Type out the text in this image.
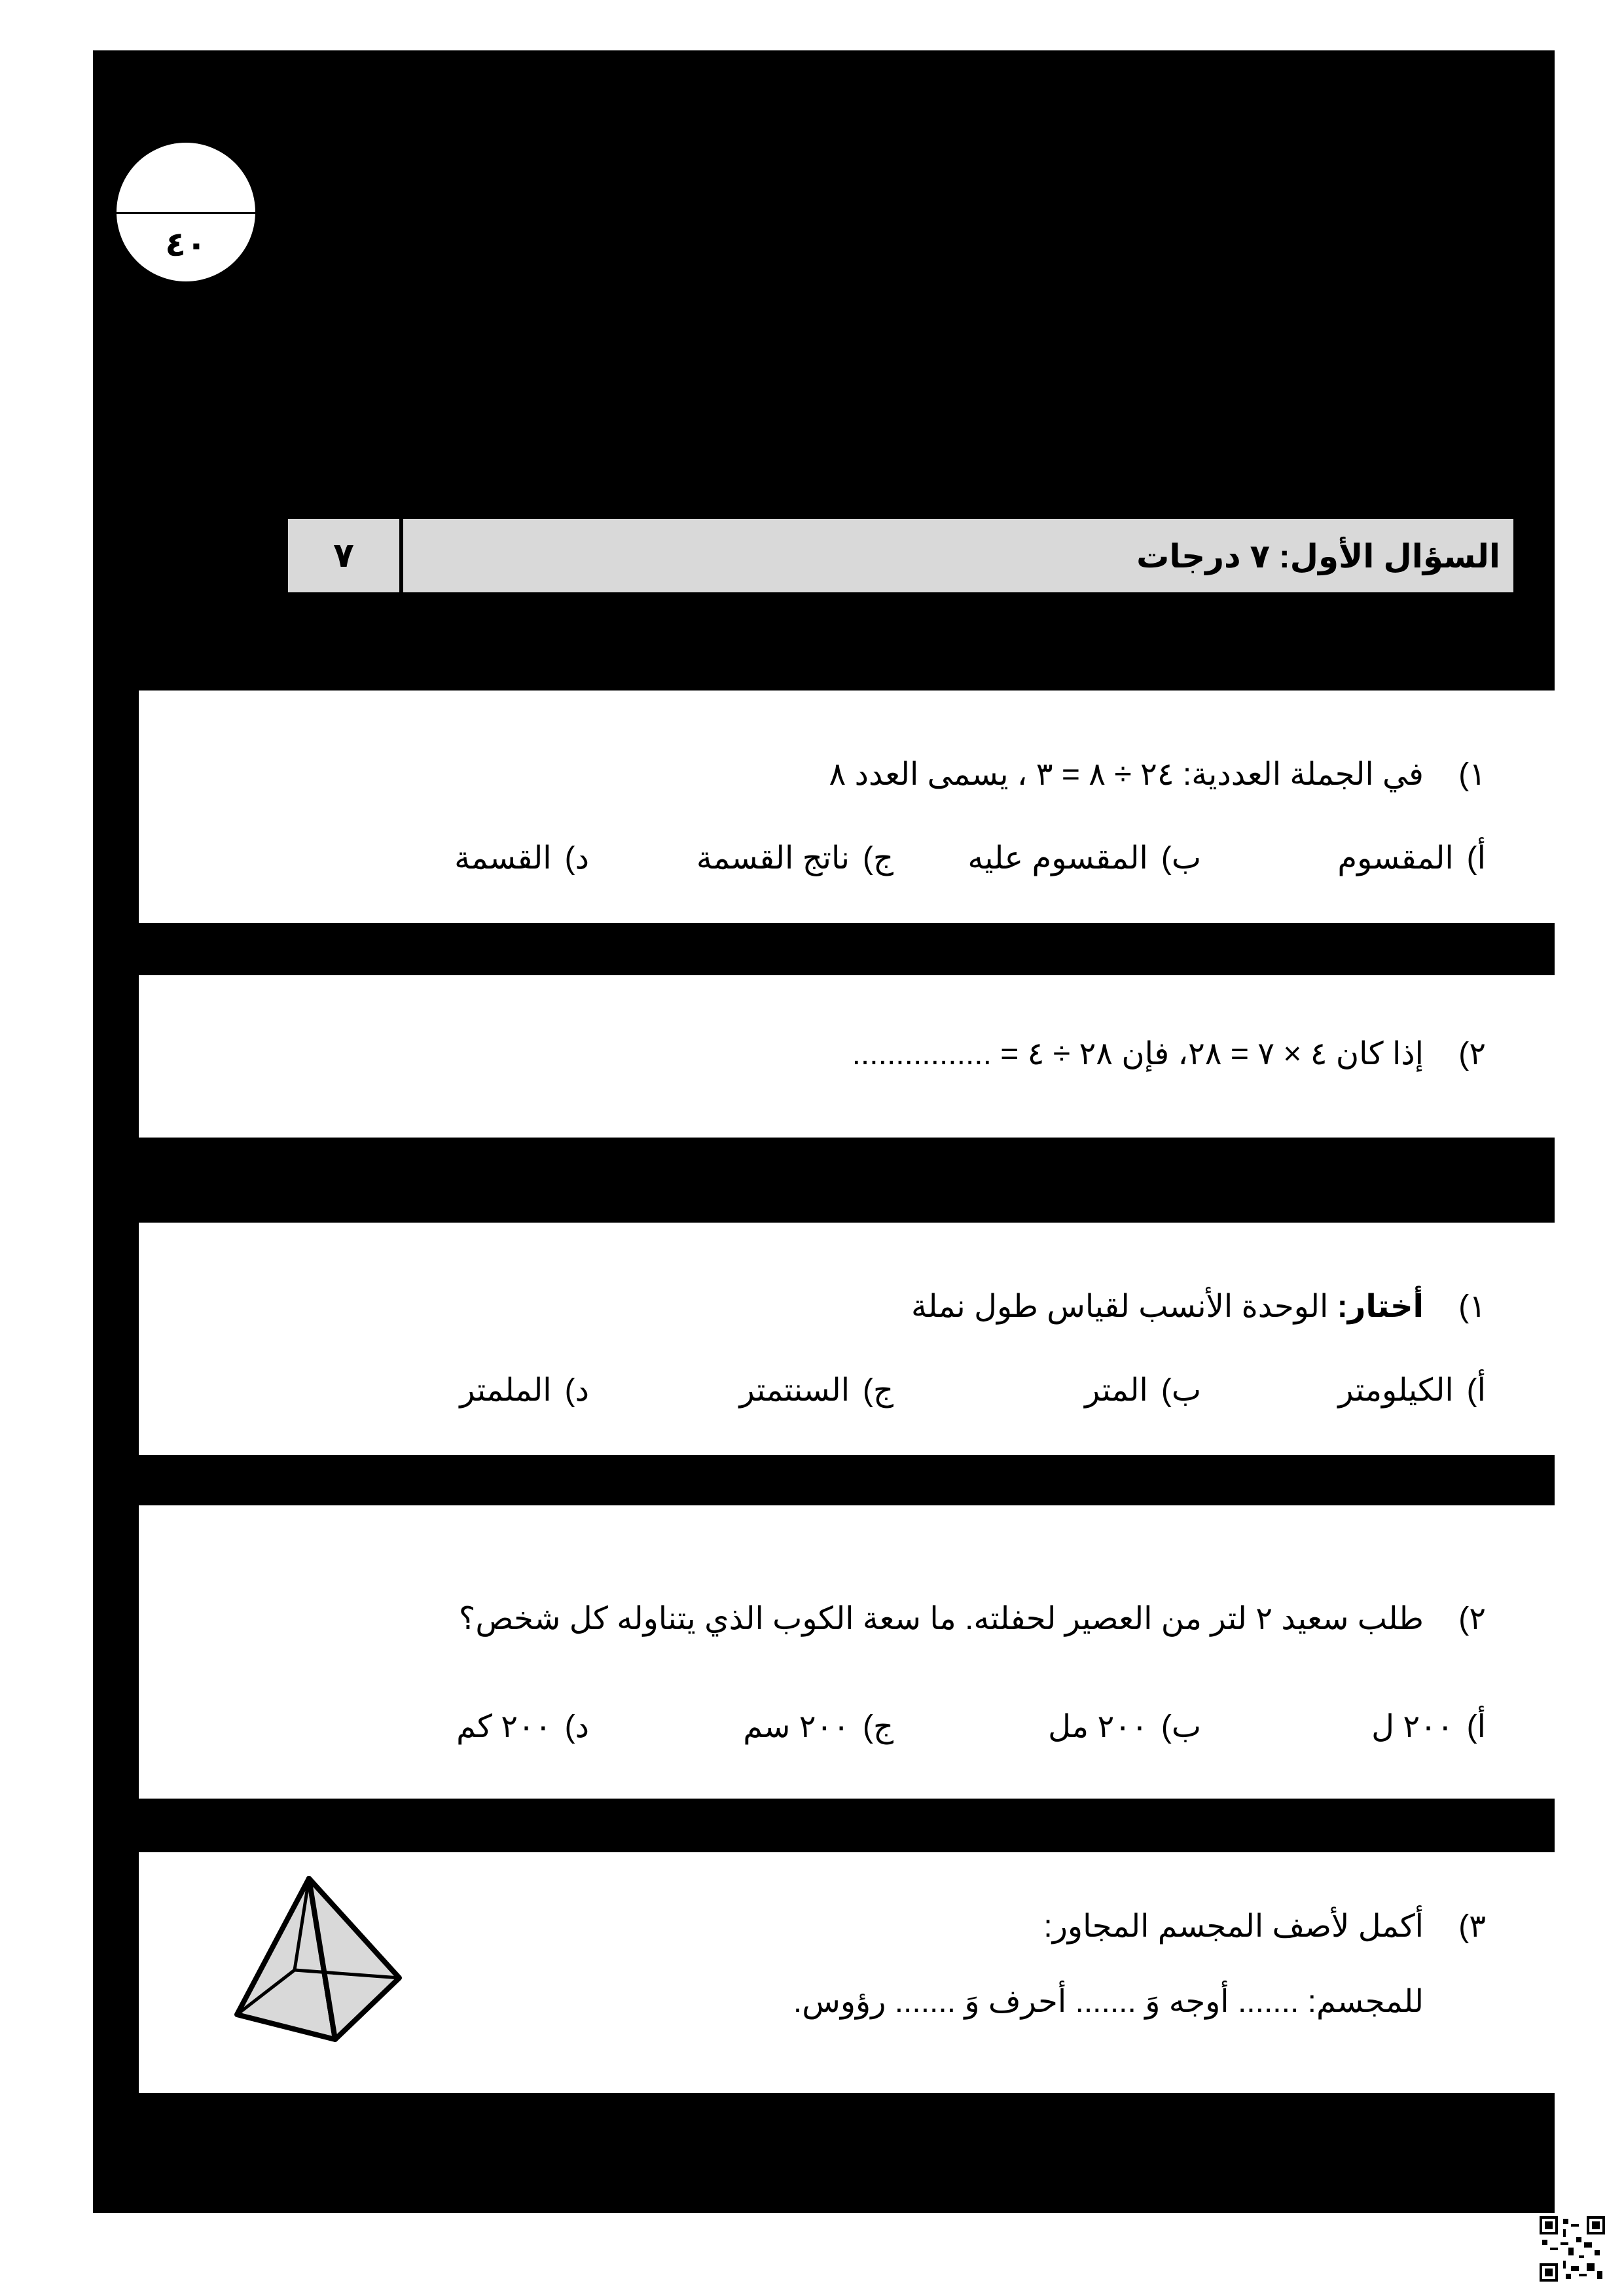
٤٠
السؤال الأول: ٧ درجات
٧
١)
في الجملة العددية: ٢٤ ÷ ٨ = ٣ ، يسمى العدد ٨
أ)المقسوم
ب)المقسوم عليه
ج)ناتج القسمة
د)القسمة
٢)
إذا كان ٤ × ٧ = ٢٨، فإن ٢٨ ÷ ٤ = ................
١)
أختار: الوحدة الأنسب لقياس طول نملة
أ)الكيلومتر
ب)المتر
ج)السنتمتر
د)الملمتر
٢)
طلب سعيد ٢ لتر من العصير لحفلته. ما سعة الكوب الذي يتناوله كل شخص؟
أ)٢٠٠ ل
ب)٢٠٠ مل
ج)٢٠٠ سم
د)٢٠٠ كم
٣)
أكمل لأصف المجسم المجاور:
للمجسم: ....... أوجه وَ ....... أحرف وَ ....... رؤوس.
